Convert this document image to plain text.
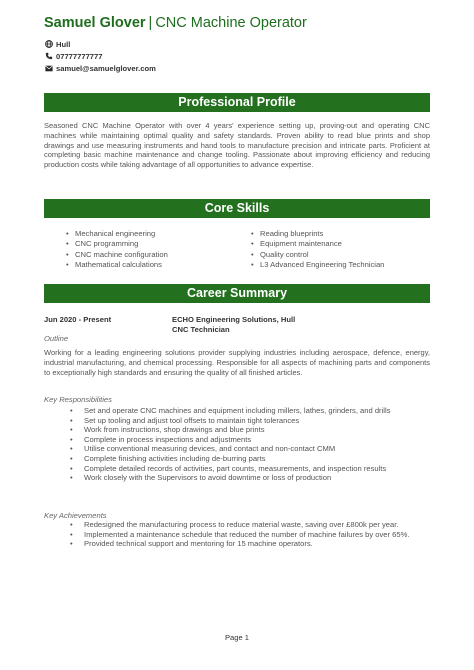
Samuel Glover | CNC Machine Operator
Hull
07777777777
samuel@samuelglover.com
Professional Profile
Seasoned CNC Machine Operator with over 4 years' experience setting up, proving-out and operating CNC machines while maintaining optimal quality and safety standards. Proven ability to read blue prints and shop drawings and use measuring instruments and hand tools to manufacture precision and intricate parts. Proficient at completing basic machine maintenance and change tooling. Passionate about improving efficiency and reducing production costs while taking advantage of all opportunities to advance expertise.
Core Skills
• Mechanical engineering
• CNC programming
• CNC machine configuration
• Mathematical calculations
• Reading blueprints
• Equipment maintenance
• Quality control
• L3 Advanced Engineering Technician
Career Summary
Jun 2020 - Present	ECHO Engineering Solutions, Hull
CNC Technician
Outline
Working for a leading engineering solutions provider supplying industries including aerospace, defence, energy, industrial manufacturing, and chemical processing. Responsible for all aspects of machining parts and components to exceptionally high standards and ensuring the quality of all finished articles.
Key Responsibilities
• Set and operate CNC machines and equipment including millers, lathes, grinders, and drills
• Set up tooling and adjust tool offsets to maintain tight tolerances
• Work from instructions, shop drawings and blue prints
• Complete in process inspections and adjustments
• Utilise conventional measuring devices, and contact and non-contact CMM
• Complete finishing activities including de-burring parts
• Complete detailed records of activities, part counts, measurements, and inspection results
• Work closely with the Supervisors to avoid downtime or loss of production
Key Achievements
• Redesigned the manufacturing process to reduce material waste, saving over £800k per year.
• Implemented a maintenance schedule that reduced the number of machine failures by over 65%.
• Provided technical support and mentoring for 15 machine operators.
Page 1
